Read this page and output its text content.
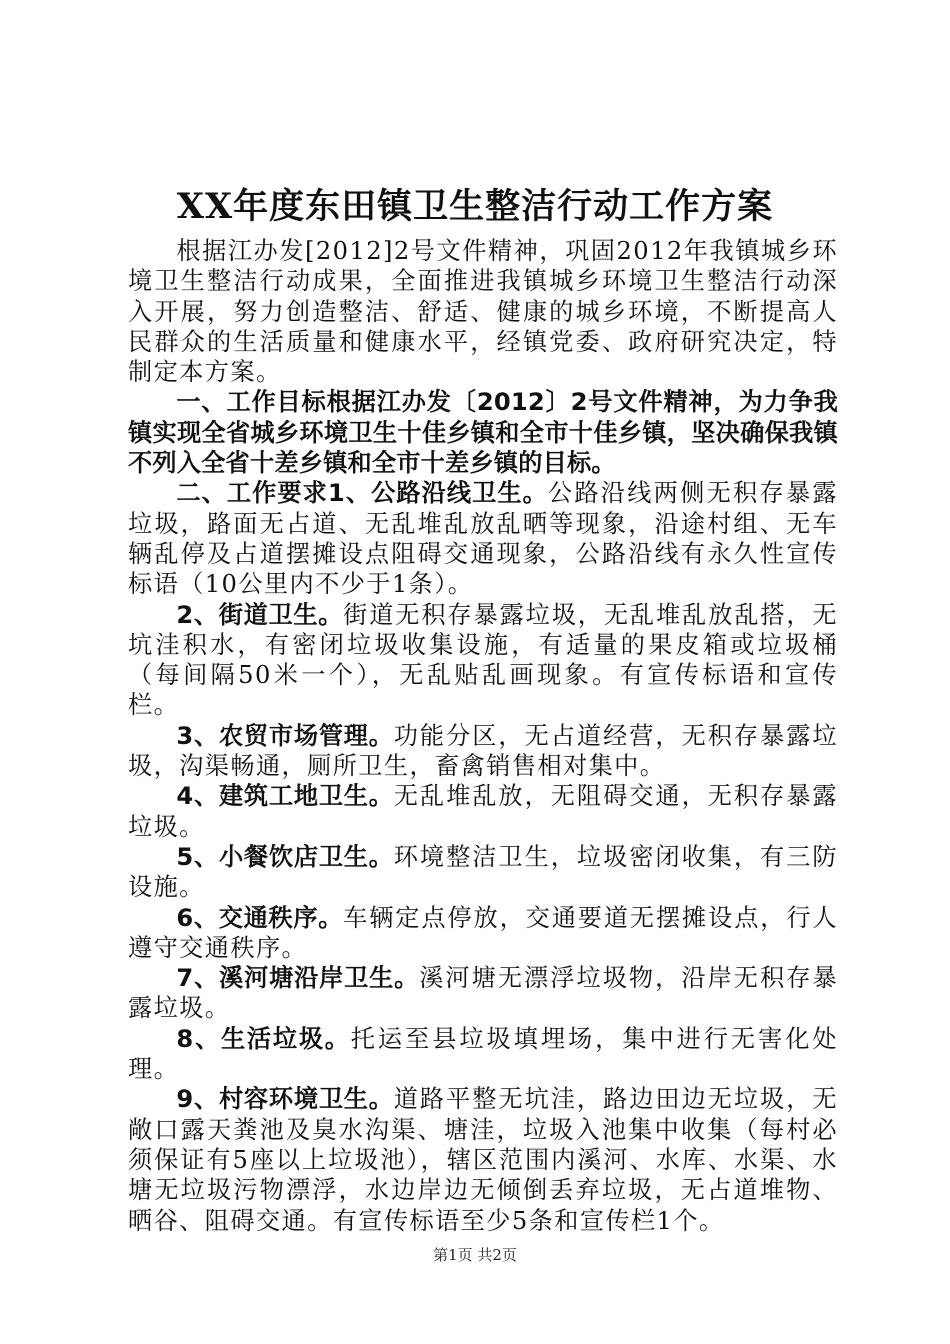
XX年度东田镇卫生整洁行动工作方案

根据江办发[2012]2号文件精神，巩固2012年我镇城乡环境卫生整洁行动成果，全面推进我镇城乡环境卫生整洁行动深入开展，努力创造整洁、舒适、健康的城乡环境，不断提高人民群众的生活质量和健康水平，经镇党委、政府研究决定，特制定本方案。

一、工作目标根据江办发〔2012〕2号文件精神，为力争我镇实现全省城乡环境卫生十佳乡镇和全市十佳乡镇，坚决确保我镇不列入全省十差乡镇和全市十差乡镇的目标。

二、工作要求1、公路沿线卫生。公路沿线两侧无积存暴露垃圾，路面无占道、无乱堆乱放乱晒等现象，沿途村组、无车辆乱停及占道摆摊设点阻碍交通现象，公路沿线有永久性宣传标语（10公里内不少于1条）。

2、街道卫生。街道无积存暴露垃圾，无乱堆乱放乱搭，无坑洼积水，有密闭垃圾收集设施，有适量的果皮箱或垃圾桶（每间隔50米一个），无乱贴乱画现象。有宣传标语和宣传栏。

3、农贸市场管理。功能分区，无占道经营，无积存暴露垃圾，沟渠畅通，厕所卫生，畜禽销售相对集中。

4、建筑工地卫生。无乱堆乱放，无阻碍交通，无积存暴露垃圾。

5、小餐饮店卫生。环境整洁卫生，垃圾密闭收集，有三防设施。

6、交通秩序。车辆定点停放，交通要道无摆摊设点，行人遵守交通秩序。

7、溪河塘沿岸卫生。溪河塘无漂浮垃圾物，沿岸无积存暴露垃圾。

8、生活垃圾。托运至县垃圾填埋场，集中进行无害化处理。

9、村容环境卫生。道路平整无坑洼，路边田边无垃圾，无敞口露天粪池及臭水沟渠、塘洼，垃圾入池集中收集（每村必须保证有5座以上垃圾池），辖区范围内溪河、水库、水渠、水塘无垃圾污物漂浮，水边岸边无倾倒丢弃垃圾，无占道堆物、晒谷、阻碍交通。有宣传标语至少5条和宣传栏1个。

第1页 共2页
